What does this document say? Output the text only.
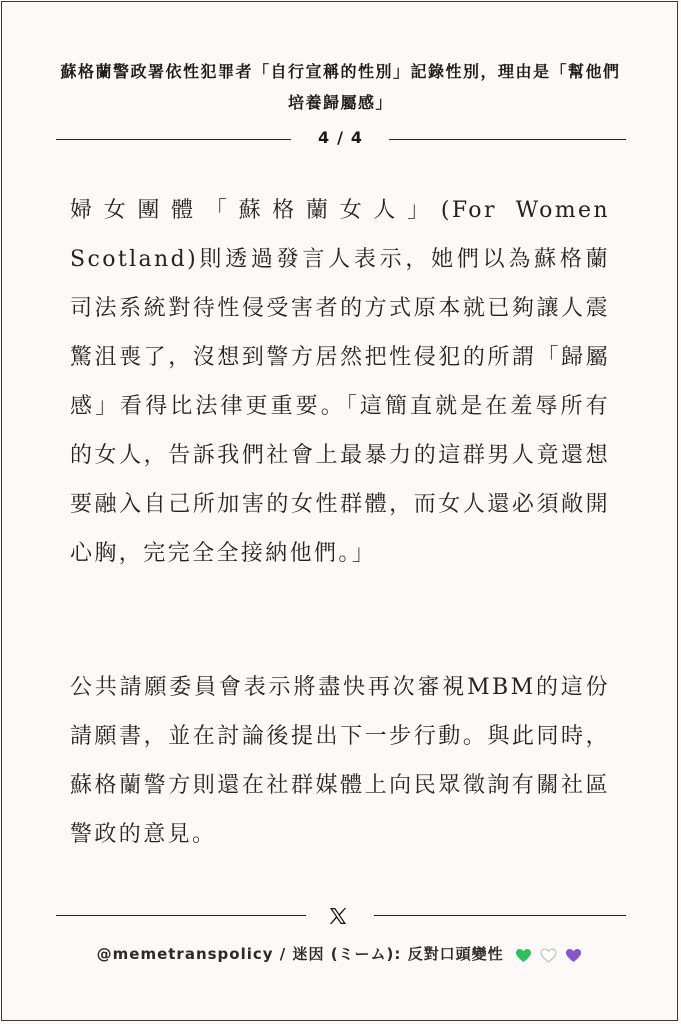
蘇格蘭警政署依性犯罪者「自行宣稱的性別」記錄性別，理由是「幫他們培養歸屬感」
4 / 4

婦女團體「蘇格蘭女人」(For Women Scotland)則透過發言人表示，她們以為蘇格蘭司法系統對待性侵受害者的方式原本就已夠讓人震驚沮喪了，沒想到警方居然把性侵犯的所謂「歸屬感」看得比法律更重要。「這簡直就是在羞辱所有的女人，告訴我們社會上最暴力的這群男人竟還想要融入自己所加害的女性群體，而女人還必須敞開心胸，完完全全接納他們。」

公共請願委員會表示將盡快再次審視MBM的這份請願書，並在討論後提出下一步行動。與此同時，蘇格蘭警方則還在社群媒體上向民眾徵詢有關社區警政的意見。

@memetranspolicy / 迷因 (ミーム): 反對口頭變性
